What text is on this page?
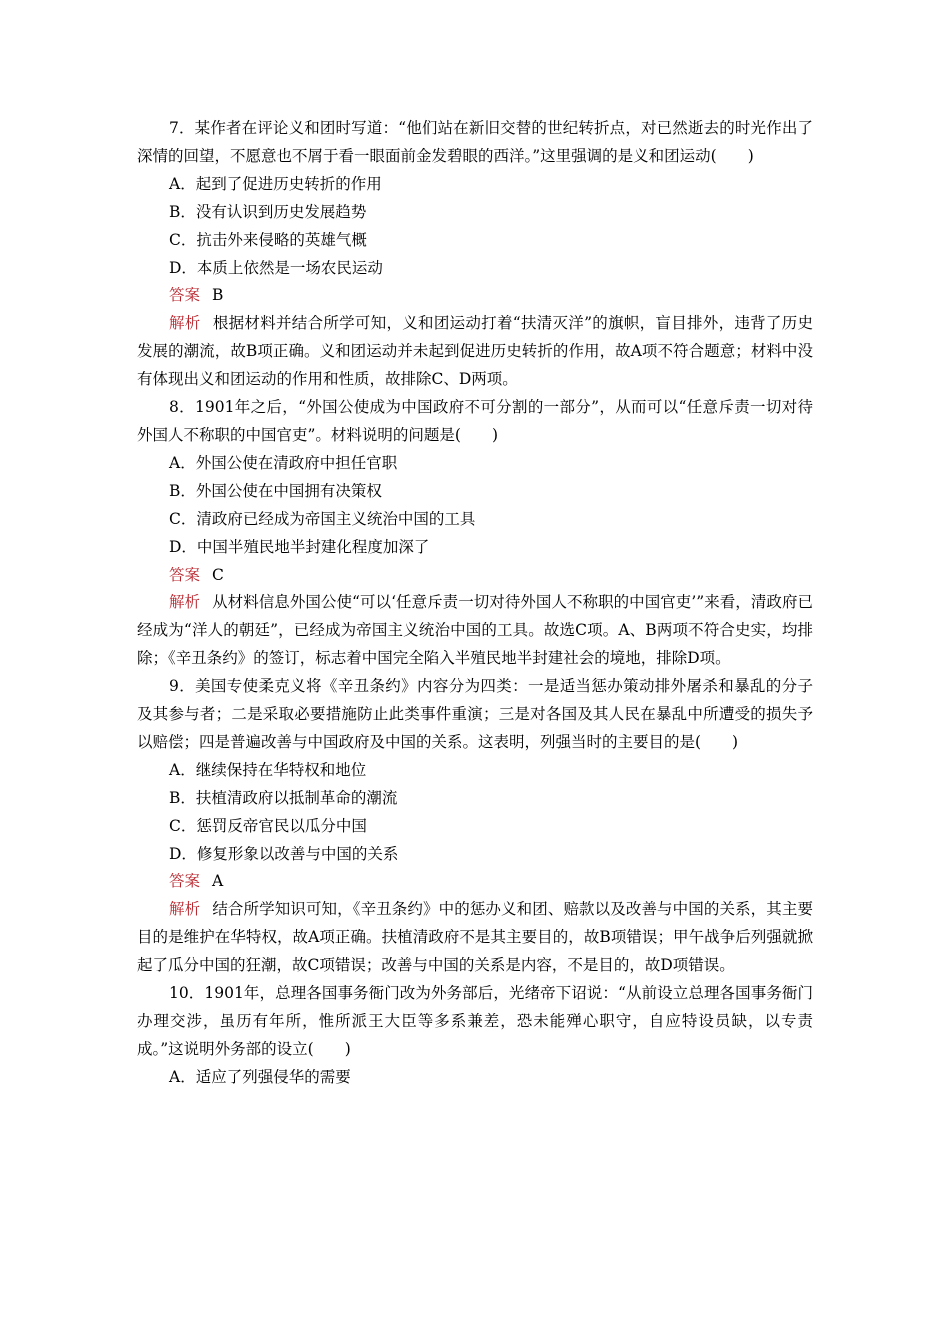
7．某作者在评论义和团时写道：“他们站在新旧交替的世纪转折点，对已然逝去的时光作出了深情的回望，不愿意也不屑于看一眼面前金发碧眼的西洋。”这里强调的是义和团运动(　　)

A．起到了促进历史转折的作用

B．没有认识到历史发展趋势

C．抗击外来侵略的英雄气概

D．本质上依然是一场农民运动

答案 B

解析 根据材料并结合所学可知，义和团运动打着“扶清灭洋”的旗帜，盲目排外，违背了历史发展的潮流，故B项正确。义和团运动并未起到促进历史转折的作用，故A项不符合题意；材料中没有体现出义和团运动的作用和性质，故排除C、D两项。

8．1901年之后，“外国公使成为中国政府不可分割的一部分”，从而可以“任意斥责一切对待外国人不称职的中国官吏”。材料说明的问题是(　　)

A．外国公使在清政府中担任官职

B．外国公使在中国拥有决策权

C．清政府已经成为帝国主义统治中国的工具

D．中国半殖民地半封建化程度加深了

答案 C

解析 从材料信息外国公使“可以‘任意斥责一切对待外国人不称职的中国官吏’”来看，清政府已经成为“洋人的朝廷”，已经成为帝国主义统治中国的工具。故选C项。A、B两项不符合史实，均排除；《辛丑条约》的签订，标志着中国完全陷入半殖民地半封建社会的境地，排除D项。

9．美国专使柔克义将《辛丑条约》内容分为四类：一是适当惩办策动排外屠杀和暴乱的分子及其参与者；二是采取必要措施防止此类事件重演；三是对各国及其人民在暴乱中所遭受的损失予以赔偿；四是普遍改善与中国政府及中国的关系。这表明，列强当时的主要目的是(　　)

A．继续保持在华特权和地位

B．扶植清政府以抵制革命的潮流

C．惩罚反帝官民以瓜分中国

D．修复形象以改善与中国的关系

答案 A

解析 结合所学知识可知，《辛丑条约》中的惩办义和团、赔款以及改善与中国的关系，其主要目的是维护在华特权，故A项正确。扶植清政府不是其主要目的，故B项错误；甲午战争后列强就掀起了瓜分中国的狂潮，故C项错误；改善与中国的关系是内容，不是目的，故D项错误。

10．1901年，总理各国事务衙门改为外务部后，光绪帝下诏说：“从前设立总理各国事务衙门办理交涉，虽历有年所，惟所派王大臣等多系兼差，恐未能殚心职守，自应特设员缺，以专责成。”这说明外务部的设立(　　)

A．适应了列强侵华的需要
